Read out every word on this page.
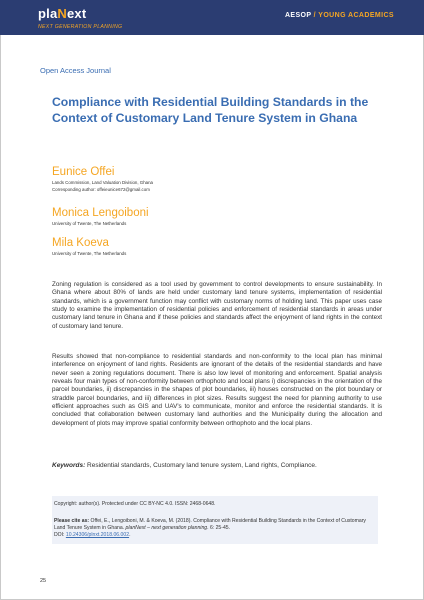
plaNext
NEXT GENERATION PLANNING
AESOP / YOUNG ACADEMICS
Open Access Journal
Compliance with Residential Building Standards in the Context of Customary Land Tenure System in Ghana
Eunice Offei
Lands Commission, Land Valuation Division, Ghana
Corresponding author: offeieunice672@gmail.com
Monica Lengoiboni
University of Twente, The Netherlands
Mila Koeva
University of Twente, The Netherlands

Zoning regulation is considered as a tool used by government to control developments to ensure sustainability. In Ghana where about 80% of lands are held under customary land tenure systems, implementation of residential standards, which is a government function may conflict with customary norms of holding land. This paper uses case study to examine the implementation of residential policies and enforcement of residential standards in areas under customary land tenure in Ghana and if these policies and standards affect the enjoyment of land rights in the context of customary land tenure.

Results showed that non-compliance to residential standards and non-conformity to the local plan has minimal interference on enjoyment of land rights. Residents are ignorant of the details of the residential standards and have never seen a zoning regulations document. There is also low level of monitoring and enforcement. Spatial analysis reveals four main types of non-conformity between orthophoto and local plans i) discrepancies in the orientation of the parcel boundaries, ii) discrepancies in the shapes of plot boundaries, iii) houses constructed on the plot boundary or straddle parcel boundaries, and iii) differences in plot sizes. Results suggest the need for planning authority to use efficient approaches such as GIS and UAV's to communicate, monitor and enforce the residential standards. It is concluded that collaboration between customary land authorities and the Municipality during the allocation and development of plots may improve spatial conformity between orthophoto and the local plans.

Keywords: Residential standards, Customary land tenure system, Land rights, Compliance.
Copyright: author(s). Protected under CC BY-NC 4.0. ISSN: 2468-0648.
Please cite as: Offei, E., Lengoiboni, M. & Koeva, M. (2018). Compliance with Residential Building Standards in the Context of Customary Land Tenure System in Ghana. planNext – next generation planning. 6: 25-45.
DOI: 10.24306/plnxt.2018.06.002.
25
